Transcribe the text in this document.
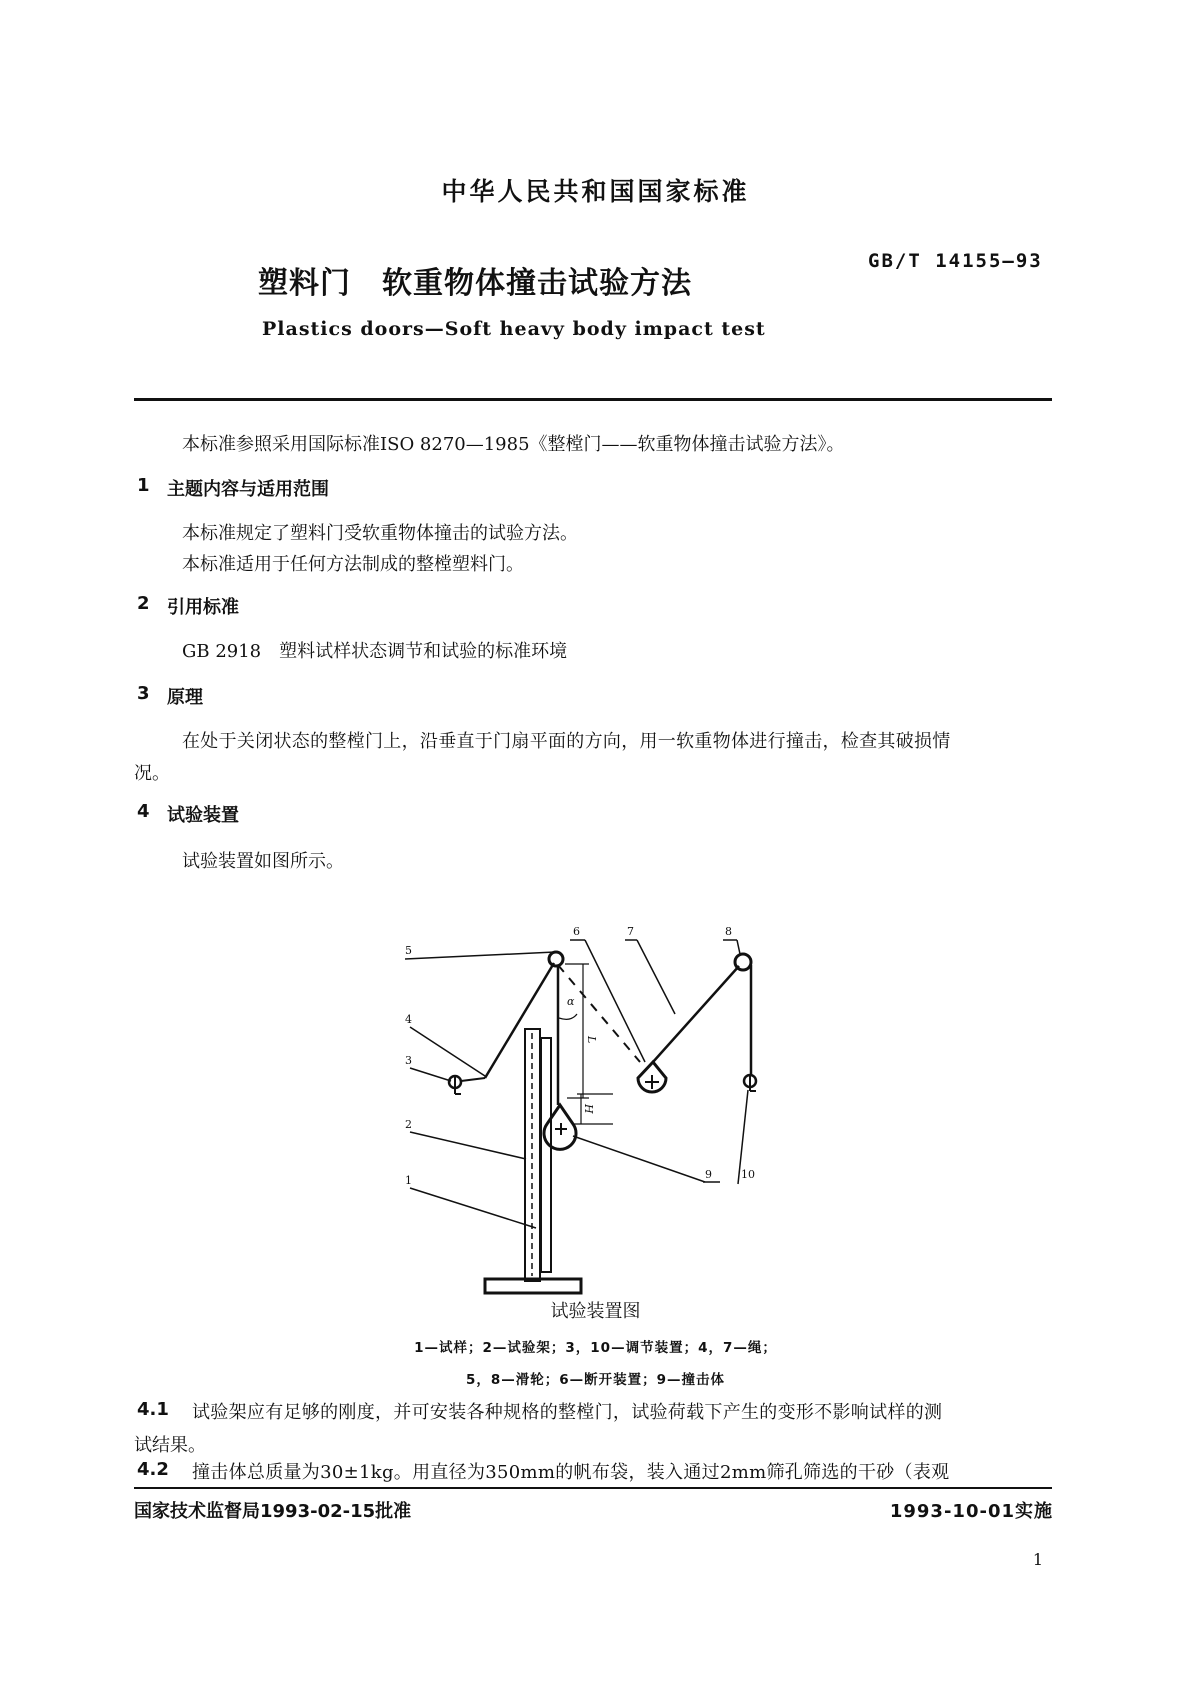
中华人民共和国国家标准
塑料门　软重物体撞击试验方法
GB/T 14155—93
Plastics doors—Soft heavy body impact test
本标准参照采用国际标准ISO 8270—1985《整樘门——软重物体撞击试验方法》。
1 主题内容与适用范围
本标准规定了塑料门受软重物体撞击的试验方法。
本标准适用于任何方法制成的整樘塑料门。
2 引用标准
GB 2918　塑料试样状态调节和试验的标准环境
3 原理
在处于关闭状态的整樘门上，沿垂直于门扇平面的方向，用一软重物体进行撞击，检查其破损情
况。
4 试验装置
试验装置如图所示。
5
4
3
2
1
6	7	8
9	10
α
L
H
试验装置图
1—试样；2—试验架；3，10—调节装置；4，7—绳；
5，8—滑轮；6—断开装置；9—撞击体
4.1 试验架应有足够的刚度，并可安装各种规格的整樘门，试验荷载下产生的变形不影响试样的测
试结果。
4.2 撞击体总质量为30±1kg。用直径为350mm的帆布袋，装入通过2mm筛孔筛选的干砂（表观
国家技术监督局1993-02-15批准	1993-10-01实施
1
